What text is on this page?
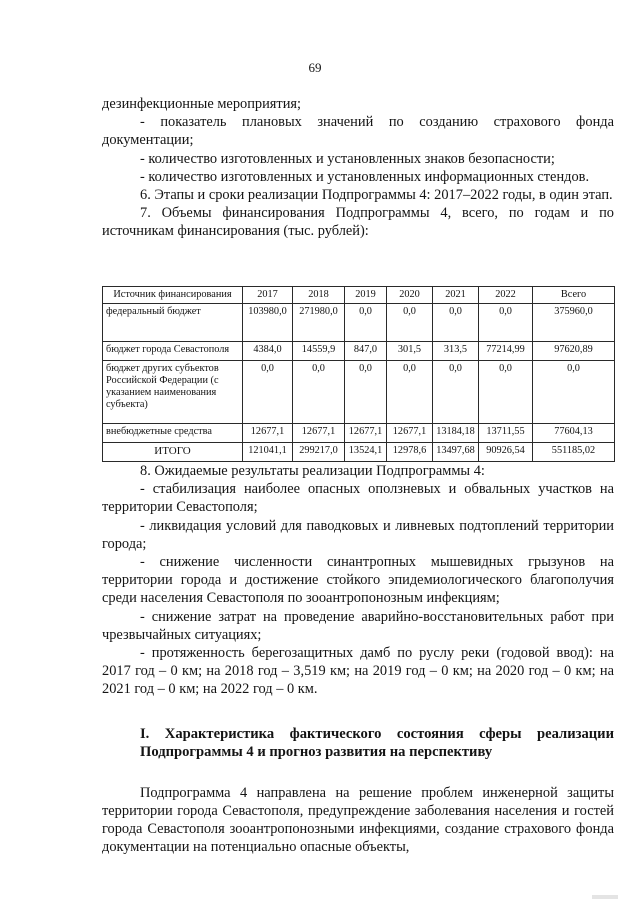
69

дезинфекционные мероприятия;

- показатель плановых значений по созданию страхового фонда документации;

- количество изготовленных и установленных знаков безопасности;

- количество изготовленных и установленных информационных стендов.

6. Этапы и сроки реализации Подпрограммы 4: 2017–2022 годы, в один этап.

7. Объемы финансирования Подпрограммы 4, всего, по годам и по источникам финансирования (тыс. рублей):

Источник финансирования	2017	2018	2019	2020	2021	2022	Всего
федеральный бюджет	103980,0	271980,0	0,0	0,0	0,0	0,0	375960,0
бюджет города Севастополя	4384,0	14559,9	847,0	301,5	313,5	77214,99	97620,89
бюджет других субъектов Российской Федерации (с указанием наименования субъекта)	0,0	0,0	0,0	0,0	0,0	0,0	0,0
внебюджетные средства	12677,1	12677,1	12677,1	12677,1	13184,18	13711,55	77604,13
ИТОГО	121041,1	299217,0	13524,1	12978,6	13497,68	90926,54	551185,02

8. Ожидаемые результаты реализации Подпрограммы 4:

- стабилизация наиболее опасных оползневых и обвальных участков на территории Севастополя;

- ликвидация условий для паводковых и ливневых подтоплений территории города;

- снижение численности синантропных мышевидных грызунов на территории города и достижение стойкого эпидемиологического благополучия среди населения Севастополя по зооантропонозным инфекциям;

- снижение затрат на проведение аварийно-восстановительных работ при чрезвычайных ситуациях;

- протяженность берегозащитных дамб по руслу реки (годовой ввод): на 2017 год – 0 км; на 2018 год – 3,519 км; на 2019 год – 0 км; на 2020 год – 0 км; на 2021 год – 0 км; на 2022 год – 0 км.

I. Характеристика фактического состояния сферы реализации Подпрограммы 4 и прогноз развития на перспективу

Подпрограмма 4 направлена на решение проблем инженерной защиты территории города Севастополя, предупреждение заболевания населения и гостей города Севастополя зооантропонозными инфекциями, создание страхового фонда документации на потенциально опасные объекты,
